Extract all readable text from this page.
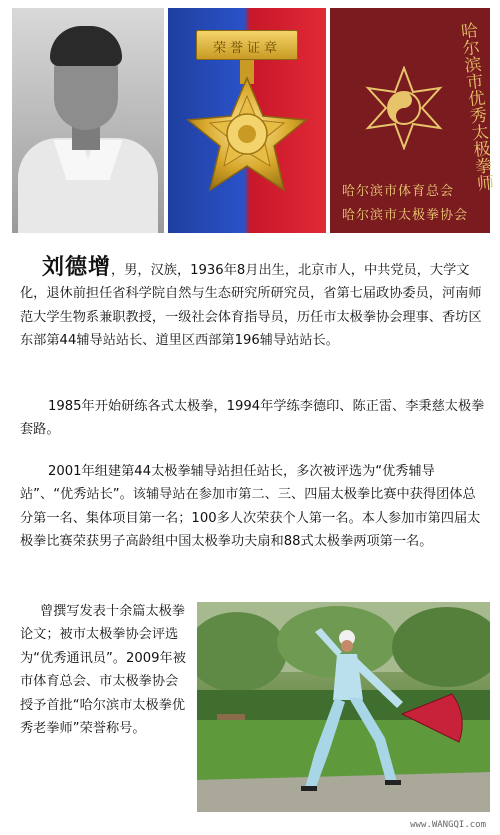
荣誉证章	哈尔滨市优秀太极拳师
哈尔滨市体育总会
哈尔滨市太极拳协会
刘德增，男，汉族，1936年8月出生，北京市人，中共党员，大学文化，退休前担任省科学院自然与生态研究所研究员，省第七届政协委员，河南师范大学生物系兼职教授，一级社会体育指导员，历任市太极拳协会理事、香坊区东部第44辅导站站长、道里区西部第196辅导站站长。
1985年开始研练各式太极拳，1994年学练李德印、陈正雷、李秉慈太极拳套路。
2001年组建第44太极拳辅导站担任站长，多次被评选为“优秀辅导站”、“优秀站长”。该辅导站在参加市第二、三、四届太极拳比赛中获得团体总分第一名、集体项目第一名；100多人次荣获个人第一名。本人参加市第四届太极拳比赛荣获男子高龄组中国太极拳功夫扇和88式太极拳两项第一名。
曾撰写发表十余篇太极拳论文；被市太极拳协会评选为“优秀通讯员”。2009年被市体育总会、市太极拳协会授予首批“哈尔滨市太极拳优秀老拳师”荣誉称号。
www.WANGQI.com
